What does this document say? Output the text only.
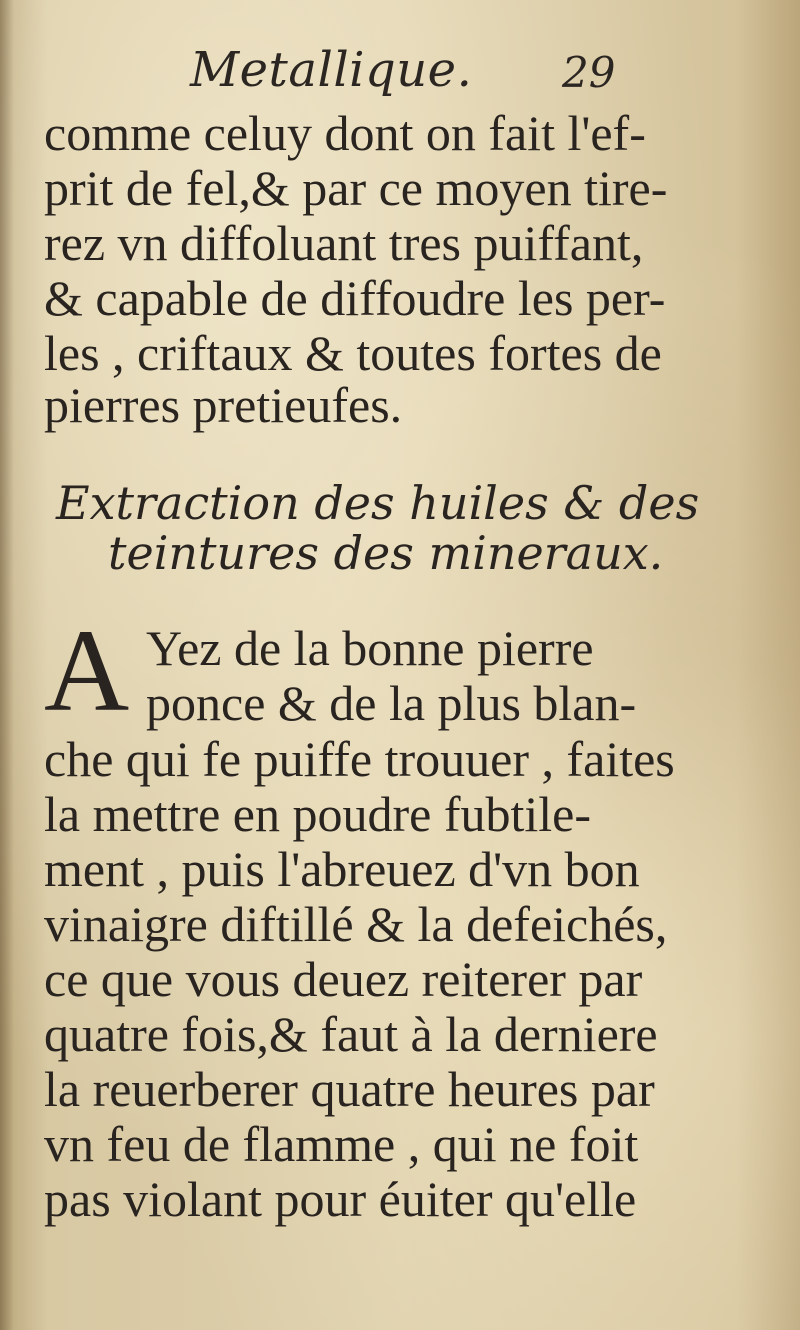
Metallique. 29
comme celuy dont on fait l'ef-
prit de fel,& par ce moyen tire-
rez vn diffoluant tres puiffant,
& capable de diffoudre les per-
les , criftaux & toutes fortes de
pierres pretieufes.
Extraction des huiles & des
teintures des mineraux.
A Yez de la bonne pierre
ponce & de la plus blan-
che qui fe puiffe trouuer , faites
la mettre en poudre fubtile-
ment , puis l'abreuez d'vn bon
vinaigre diftillé & la defeichés,
ce que vous deuez reiterer par
quatre fois,& faut à la derniere
la reuerberer quatre heures par
vn feu de flamme , qui ne foit
pas violant pour éuiter qu'elle
